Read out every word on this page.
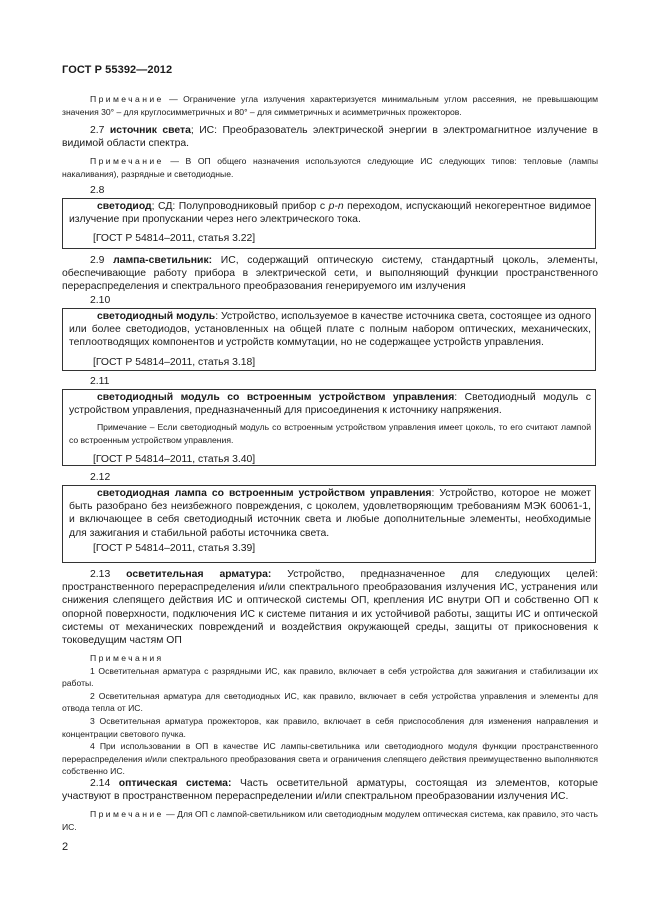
ГОСТ Р 55392—2012
Примечание — Ограничение угла излучения характеризуется минимальным углом рассеяния, не превышающим значения 30° – для круглосимметричных и 80° – для симметричных и асимметричных прожекторов.
2.7 источник света; ИС: Преобразователь электрической энергии в электромагнитное излучение в видимой области спектра.
Примечание — В ОП общего назначения используются следующие ИС следующих типов: тепловые (лампы накаливания), разрядные и светодиодные.
2.8

светодиод; СД: Полупроводниковый прибор с p-n переходом, испускающий некогерентное видимое излучение при пропускании через него электрического тока.

[ГОСТ Р 54814–2011, статья 3.22]

2.9 лампа-светильник: ИС, содержащий оптическую систему, стандартный цоколь, элементы, обеспечивающие работу прибора в электрической сети, и выполняющий функции пространственного перераспределения и спектрального преобразования генерируемого им излучения
2.10

светодиодный модуль: Устройство, используемое в качестве источника света, состоящее из одного или более светодиодов, установленных на общей плате с полным набором оптических, механических, теплоотводящих компонентов и устройств коммутации, но не содержащее устройств управления.

[ГОСТ Р 54814–2011, статья 3.18]

2.11

светодиодный модуль со встроенным устройством управления: Светодиодный модуль с устройством управления, предназначенный для присоединения к источнику напряжения.

Примечание – Если светодиодный модуль со встроенным устройством управления имеет цоколь, то его считают лампой со встроенным устройством управления.

[ГОСТ Р 54814–2011, статья 3.40]

2.12

светодиодная лампа со встроенным устройством управления: Устройство, которое не может быть разобрано без неизбежного повреждения, с цоколем, удовлетворяющим требованиям МЭК 60061-1, и включающее в себя светодиодный источник света и любые дополнительные элементы, необходимые для зажигания и стабильной работы источника света.

[ГОСТ Р 54814–2011, статья 3.39]

2.13 осветительная арматура: Устройство, предназначенное для следующих целей: пространственного перераспределения и/или спектрального преобразования излучения ИС, устранения или снижения слепящего действия ИС и оптической системы ОП, крепления ИС внутри ОП и собственно ОП к опорной поверхности, подключения ИС к системе питания и их устойчивой работы, защиты ИС и оптической системы от механических повреждений и воздействия окружающей среды, защиты от прикосновения к токоведущим частям ОП

Примечания

1 Осветительная арматура с разрядными ИС, как правило, включает в себя устройства для зажигания и стабилизации их работы.

2 Осветительная арматура для светодиодных ИС, как правило, включает в себя устройства управления и элементы для отвода тепла от ИС.

3 Осветительная арматура прожекторов, как правило, включает в себя приспособления для изменения направления и концентрации светового пучка.

4 При использовании в ОП в качестве ИС лампы-светильника или светодиодного модуля функции пространственного перераспределения и/или спектрального преобразования света и ограничения слепящего действия преимущественно выполняются собственно ИС.

2.14 оптическая система: Часть осветительной арматуры, состоящая из элементов, которые участвуют в пространственном перераспределении и/или спектральном преобразовании излучения ИС.
Примечание — Для ОП с лампой-светильником или светодиодным модулем оптическая система, как правило, это часть ИС.
2
